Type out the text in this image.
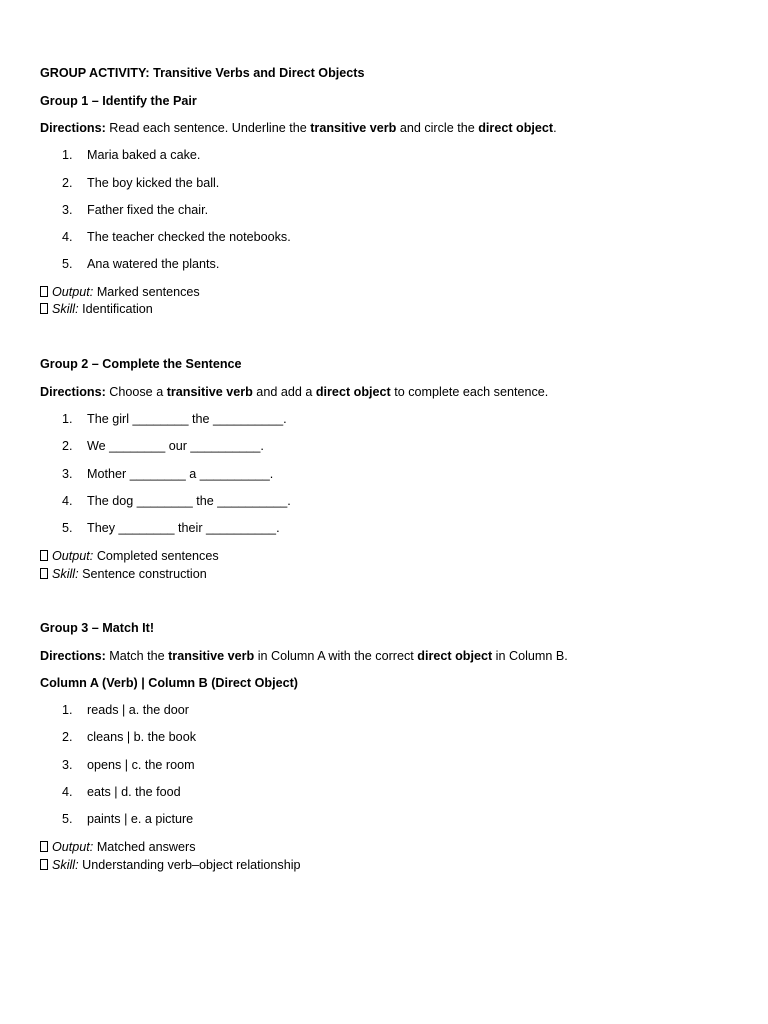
GROUP ACTIVITY: Transitive Verbs and Direct Objects
Group 1 – Identify the Pair
Directions: Read each sentence. Underline the transitive verb and circle the direct object.
1. Maria baked a cake.
2. The boy kicked the ball.
3. Father fixed the chair.
4. The teacher checked the notebooks.
5. Ana watered the plants.
Output: Marked sentences
Skill: Identification
Group 2 – Complete the Sentence
Directions: Choose a transitive verb and add a direct object to complete each sentence.
1. The girl ________ the __________.
2. We ________ our __________.
3. Mother ________ a __________.
4. The dog ________ the __________.
5. They ________ their __________.
Output: Completed sentences
Skill: Sentence construction
Group 3 – Match It!
Directions: Match the transitive verb in Column A with the correct direct object in Column B.
Column A (Verb) | Column B (Direct Object)
1. reads | a. the door
2. cleans | b. the book
3. opens | c. the room
4. eats | d. the food
5. paints | e. a picture
Output: Matched answers
Skill: Understanding verb–object relationship
